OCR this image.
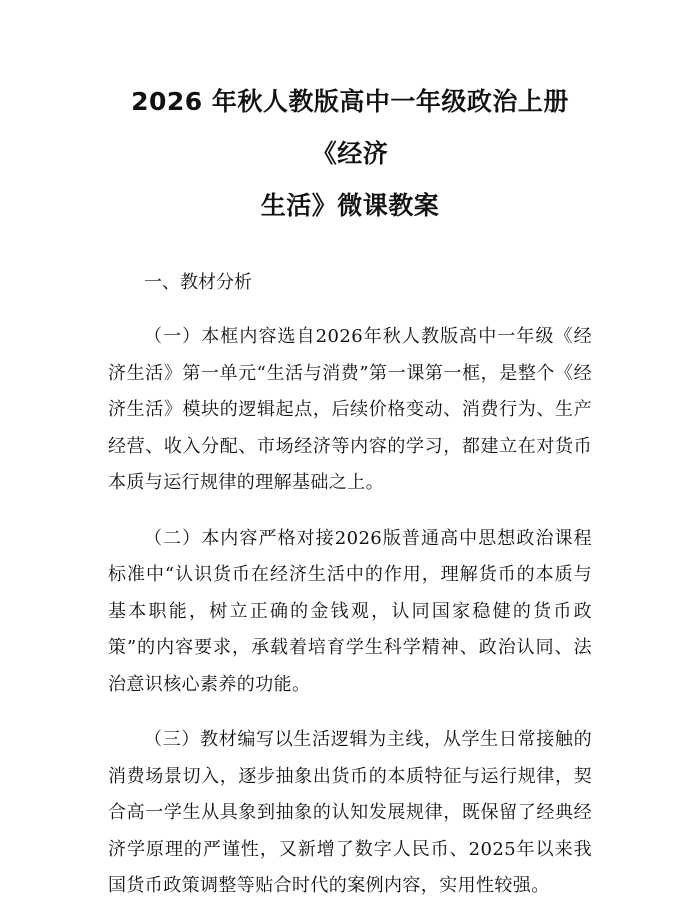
2026 年秋人教版高中一年级政治上册《经济
生活》微课教案

一、教材分析

（一）本框内容选自2026年秋人教版高中一年级《经济生活》第一单元“生活与消费”第一课第一框，是整个《经济生活》模块的逻辑起点，后续价格变动、消费行为、生产经营、收入分配、市场经济等内容的学习，都建立在对货币本质与运行规律的理解基础之上。

（二）本内容严格对接2026版普通高中思想政治课程标准中“认识货币在经济生活中的作用，理解货币的本质与基本职能，树立正确的金钱观，认同国家稳健的货币政策”的内容要求，承载着培育学生科学精神、政治认同、法治意识核心素养的功能。

（三）教材编写以生活逻辑为主线，从学生日常接触的消费场景切入，逐步抽象出货币的本质特征与运行规律，契合高一学生从具象到抽象的认知发展规律，既保留了经典经济学原理的严谨性，又新增了数字人民币、2025年以来我国货币政策调整等贴合时代的案例内容，实用性较强。
